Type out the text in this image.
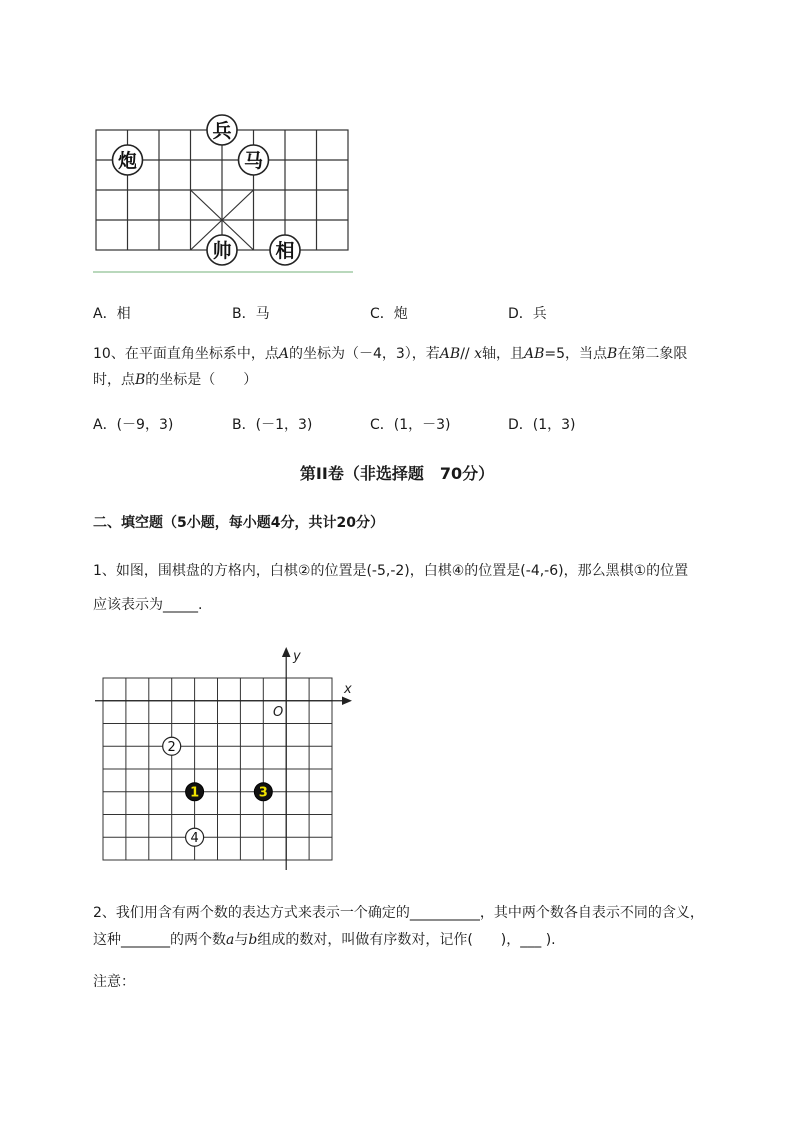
兵
炮	马
帅 相
A．相	B．马	C．炮	D．兵
10、在平面直角坐标系中，点A的坐标为（－4，3），若AB// x轴，且AB=5，当点B在第二象限
时，点B的坐标是（　　）
A．(－9，3)	B．(－1，3)	C．(1，－3)	D．(1，3)
第II卷（非选择题　70分）
二、填空题（5小题，每小题4分，共计20分）
1、如图，围棋盘的方格内，白棋②的位置是(-5,-2)，白棋④的位置是(-4,-6)，那么黑棋①的位置
应该表示为_____.
x
y
O
2
1	3
4
2、我们用含有两个数的表达方式来表示一个确定的__________，其中两个数各自表示不同的含义，
这种_______的两个数a与b组成的数对，叫做有序数对，记作(　　)，___ ).
注意：
